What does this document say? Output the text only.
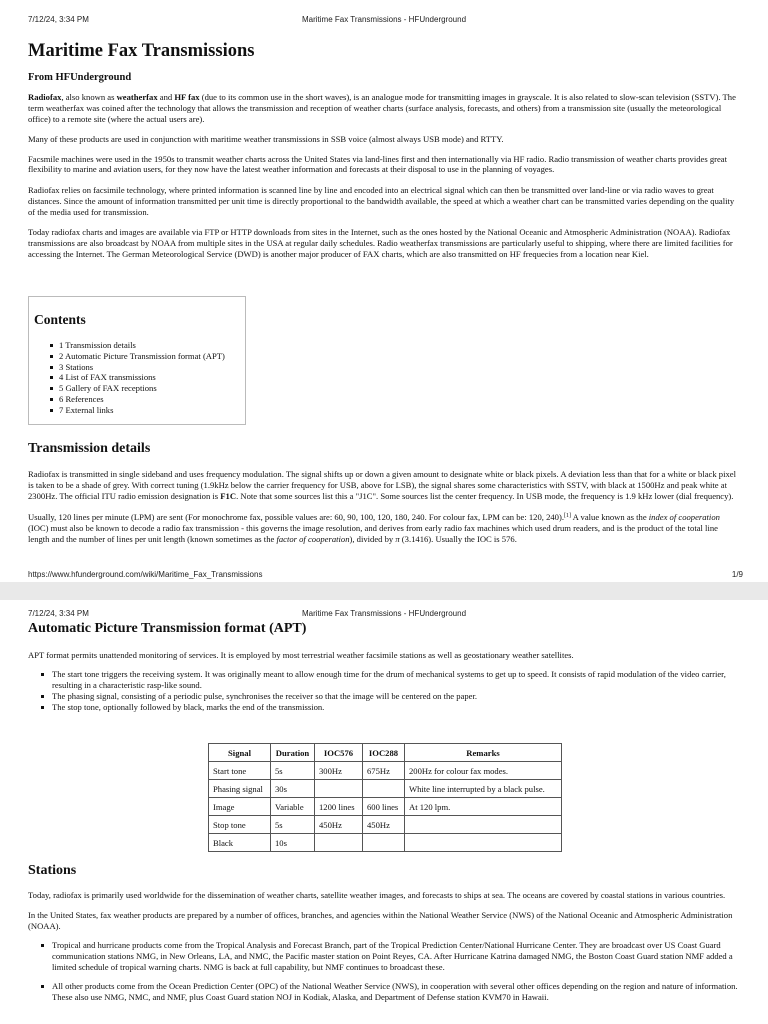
7/12/24, 3:34 PM	Maritime Fax Transmissions - HFUnderground
Maritime Fax Transmissions
From HFUnderground

Radiofax, also known as weatherfax and HF fax (due to its common use in the short waves), is an analogue mode for transmitting images in grayscale. It is also related to slow-scan television (SSTV). The term weatherfax was coined after the technology that allows the transmission and reception of weather charts (surface analysis, forecasts, and others) from a transmission site (usually the meteorological office) to a remote site (where the actual users are).

Many of these products are used in conjunction with maritime weather transmissions in SSB voice (almost always USB mode) and RTTY.

Facsmile machines were used in the 1950s to transmit weather charts across the United States via land-lines first and then internationally via HF radio. Radio transmission of weather charts provides great flexibility to marine and aviation users, for they now have the latest weather information and forecasts at their disposal to use in the planning of voyages.

Radiofax relies on facsimile technology, where printed information is scanned line by line and encoded into an electrical signal which can then be transmitted over land-line or via radio waves to great distances. Since the amount of information transmitted per unit time is directly proportional to the bandwidth available, the speed at which a weather chart can be transmitted varies depending on the quality of the media used for transmission.

Today radiofax charts and images are available via FTP or HTTP downloads from sites in the Internet, such as the ones hosted by the National Oceanic and Atmospheric Administration (NOAA). Radiofax transmissions are also broadcast by NOAA from multiple sites in the USA at regular daily schedules. Radio weatherfax transmissions are particularly useful to shipping, where there are limited facilities for accessing the Internet. The German Meteorological Service (DWD) is another major producer of FAX charts, which are also transmitted on HF frequecies from a location near Kiel.

Contents
1 Transmission details
2 Automatic Picture Transmission format (APT)
3 Stations
4 List of FAX transmissions
5 Gallery of FAX receptions
6 References
7 External links
Transmission details

Radiofax is transmitted in single sideband and uses frequency modulation. The signal shifts up or down a given amount to designate white or black pixels. A deviation less than that for a white or black pixel is taken to be a shade of grey. With correct tuning (1.9kHz below the carrier frequency for USB, above for LSB), the signal shares some characteristics with SSTV, with black at 1500Hz and peak white at 2300Hz. The official ITU radio emission designation is F1C. Note that some sources list this a "J1C". Some sources list the center frequency. In USB mode, the frequency is 1.9 kHz lower (dial frequency).

Usually, 120 lines per minute (LPM) are sent (For monochrome fax, possible values are: 60, 90, 100, 120, 180, 240. For colour fax, LPM can be: 120, 240).[1] A value known as the index of cooperation (IOC) must also be known to decode a radio fax transmission - this governs the image resolution, and derives from early radio fax machines which used drum readers, and is the product of the total line length and the number of lines per unit length (known sometimes as the factor of cooperation), divided by π (3.1416). Usually the IOC is 576.

https://www.hfunderground.com/wiki/Maritime_Fax_Transmissions	1/9
7/12/24, 3:34 PM	Maritime Fax Transmissions - HFUnderground
Automatic Picture Transmission format (APT)

APT format permits unattended monitoring of services. It is employed by most terrestrial weather facsimile stations as well as geostationary weather satellites.

The start tone triggers the receiving system. It was originally meant to allow enough time for the drum of mechanical systems to get up to speed. It consists of rapid modulation of the video carrier, resulting in a characteristic rasp-like sound.
The phasing signal, consisting of a periodic pulse, synchronises the receiver so that the image will be centered on the paper.
The stop tone, optionally followed by black, marks the end of the transmission.
Signal	Duration	IOC576	IOC288	Remarks
Start tone	5s	300Hz	675Hz	200Hz for colour fax modes.
Phasing signal	30s			White line interrupted by a black pulse.
Image	Variable	1200 lines	600 lines	At 120 lpm.
Stop tone	5s	450Hz	450Hz	
Black	10s			
Stations

Today, radiofax is primarily used worldwide for the dissemination of weather charts, satellite weather images, and forecasts to ships at sea. The oceans are covered by coastal stations in various countries.

In the United States, fax weather products are prepared by a number of offices, branches, and agencies within the National Weather Service (NWS) of the National Oceanic and Atmospheric Administration (NOAA).

Tropical and hurricane products come from the Tropical Analysis and Forecast Branch, part of the Tropical Prediction Center/National Hurricane Center. They are broadcast over US Coast Guard communication stations NMG, in New Orleans, LA, and NMC, the Pacific master station on Point Reyes, CA. After Hurricane Katrina damaged NMG, the Boston Coast Guard station NMF added a limited schedule of tropical warning charts. NMG is back at full capability, but NMF continues to broadcast these.
All other products come from the Ocean Prediction Center (OPC) of the National Weather Service (NWS), in cooperation with several other offices depending on the region and nature of information. These also use NMG, NMC, and NMF, plus Coast Guard station NOJ in Kodiak, Alaska, and Department of Defense station KVM70 in Hawaii.
